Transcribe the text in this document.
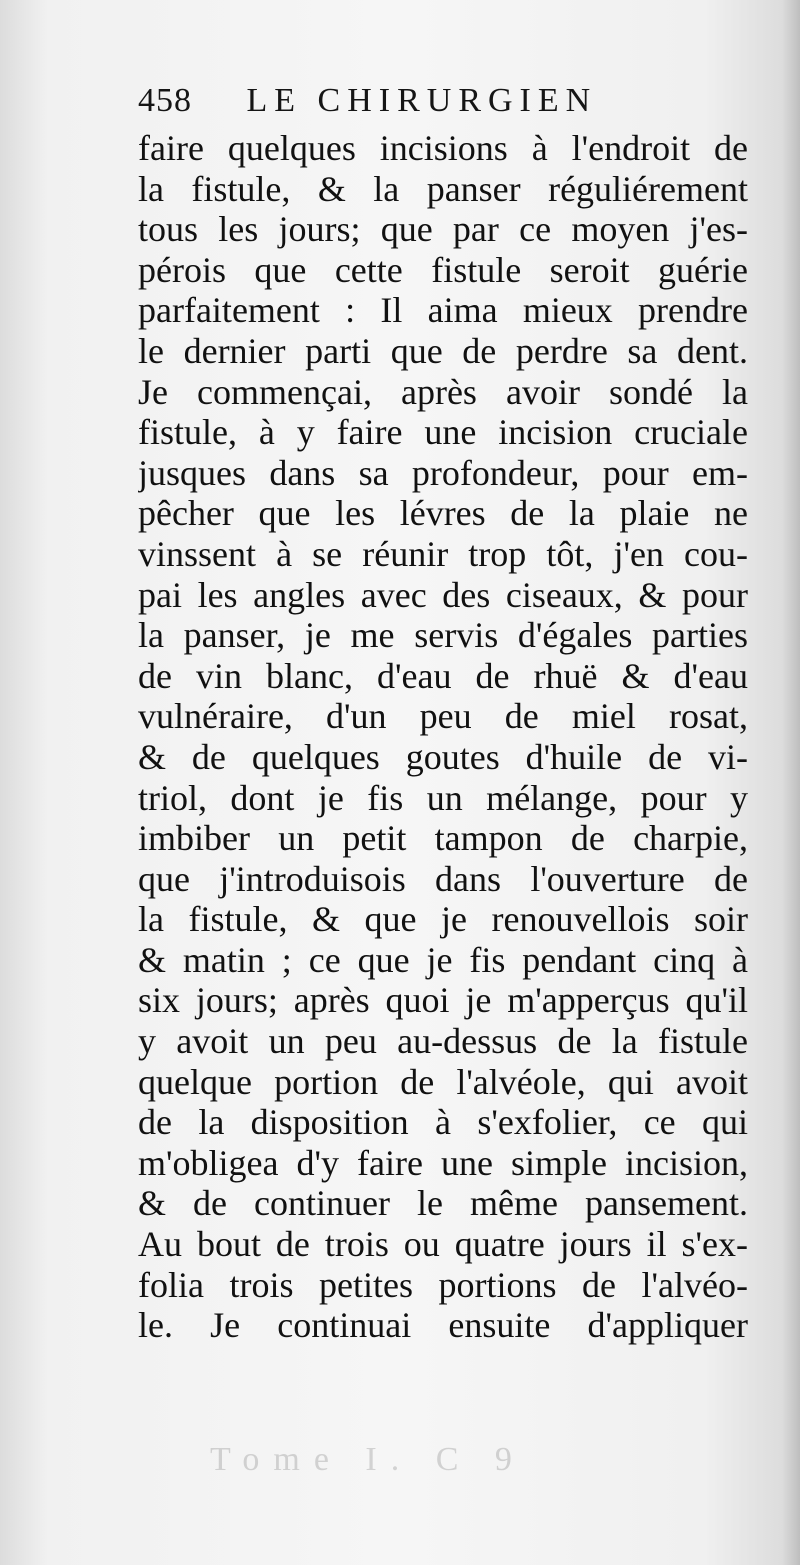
458 LE CHIRURGIEN
faire quelques incisions à l'endroit de
la fistule, & la panser réguliérement
tous les jours; que par ce moyen j'es-
pérois que cette fistule seroit guérie
parfaitement : Il aima mieux prendre
le dernier parti que de perdre sa dent.
Je commençai, après avoir sondé la
fistule, à y faire une incision cruciale
jusques dans sa profondeur, pour em-
pêcher que les lévres de la plaie ne
vinssent à se réunir trop tôt, j'en cou-
pai les angles avec des ciseaux, & pour
la panser, je me servis d'égales parties
de vin blanc, d'eau de rhuë & d'eau
vulnéraire, d'un peu de miel rosat,
& de quelques goutes d'huile de vi-
triol, dont je fis un mélange, pour y
imbiber un petit tampon de charpie,
que j'introduisois dans l'ouverture de
la fistule, & que je renouvellois soir
& matin ; ce que je fis pendant cinq à
six jours; après quoi je m'apperçus qu'il
y avoit un peu au-dessus de la fistule
quelque portion de l'alvéole, qui avoit
de la disposition à s'exfolier, ce qui
m'obligea d'y faire une simple incision,
& de continuer le même pansement.
Au bout de trois ou quatre jours il s'ex-
folia trois petites portions de l'alvéo-
le. Je continuai ensuite d'appliquer
Tome I. C 9
